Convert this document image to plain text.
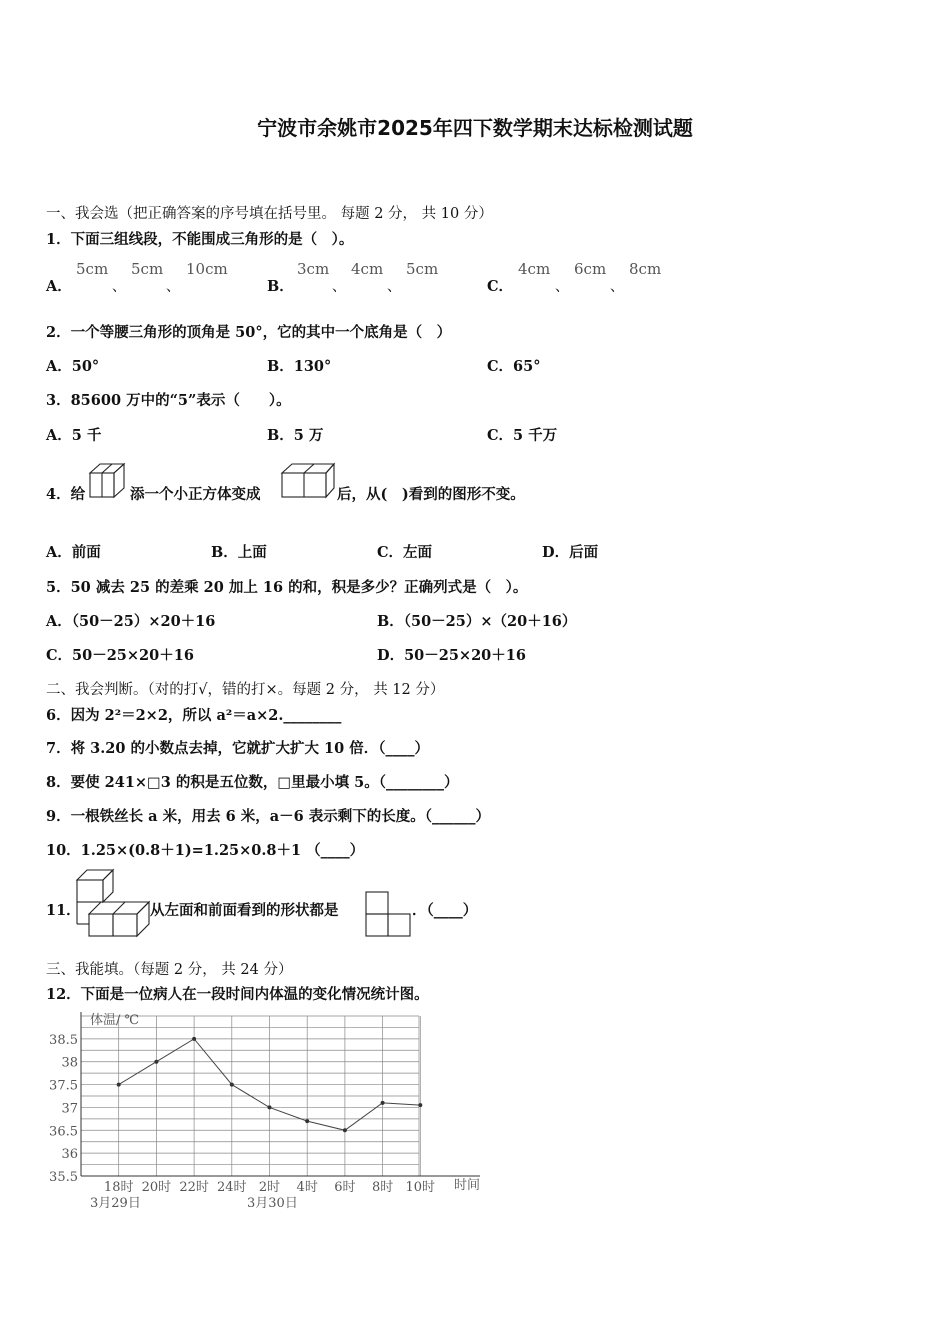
宁波市余姚市2025年四下数学期末达标检测试题
一、我会选（把正确答案的序号填在括号里。 每题 2 分， 共 10 分）
1．下面三组线段，不能围成三角形的是（　）。
A．
5cm
、
5cm
、
10cm
B．
3cm
、
4cm
、
5cm
C．
4cm
、
6cm
、
8cm
2．一个等腰三角形的顶角是 50°，它的其中一个底角是（　）
A．50°	B．130°	C．65°
3．85600 万中的“5”表示（　　）。
A．5 千	B．5 万	C．5 千万
4．给	添一个小正方体变成	后，从(　)看到的图形不变。
A．前面	B．上面	C．左面	D．后面
5．50 减去 25 的差乘 20 加上 16 的和，积是多少？正确列式是（　）。
A．（50－25）×20＋16	B．（50－25）×（20＋16）
C．50－25×20＋16	D．50－25×20＋16
二、我会判断。（对的打√，错的打×。每题 2 分， 共 12 分）
6．因为 2²＝2×2，所以 a²＝a×2.________
7．将 3.20 的小数点去掉，它就扩大扩大 10 倍．（____）
8．要使 241×□3 的积是五位数，□里最小填 5。（________）
9．一根铁丝长 a 米，用去 6 米，a－6 表示剩下的长度。（______）
10．1.25×(0.8＋1)=1.25×0.8＋1 （____）
11．	从左面和前面看到的形状都是	．（____）
三、我能填。（每题 2 分， 共 24 分）
12．下面是一位病人在一段时间内体温的变化情况统计图。
体温/ ℃
时间
38.5
38
37.5
37
36.5
36
35.5
18时 20时 22时 24时 2时 4时 6时 8时 10时
3月29日	3月30日
